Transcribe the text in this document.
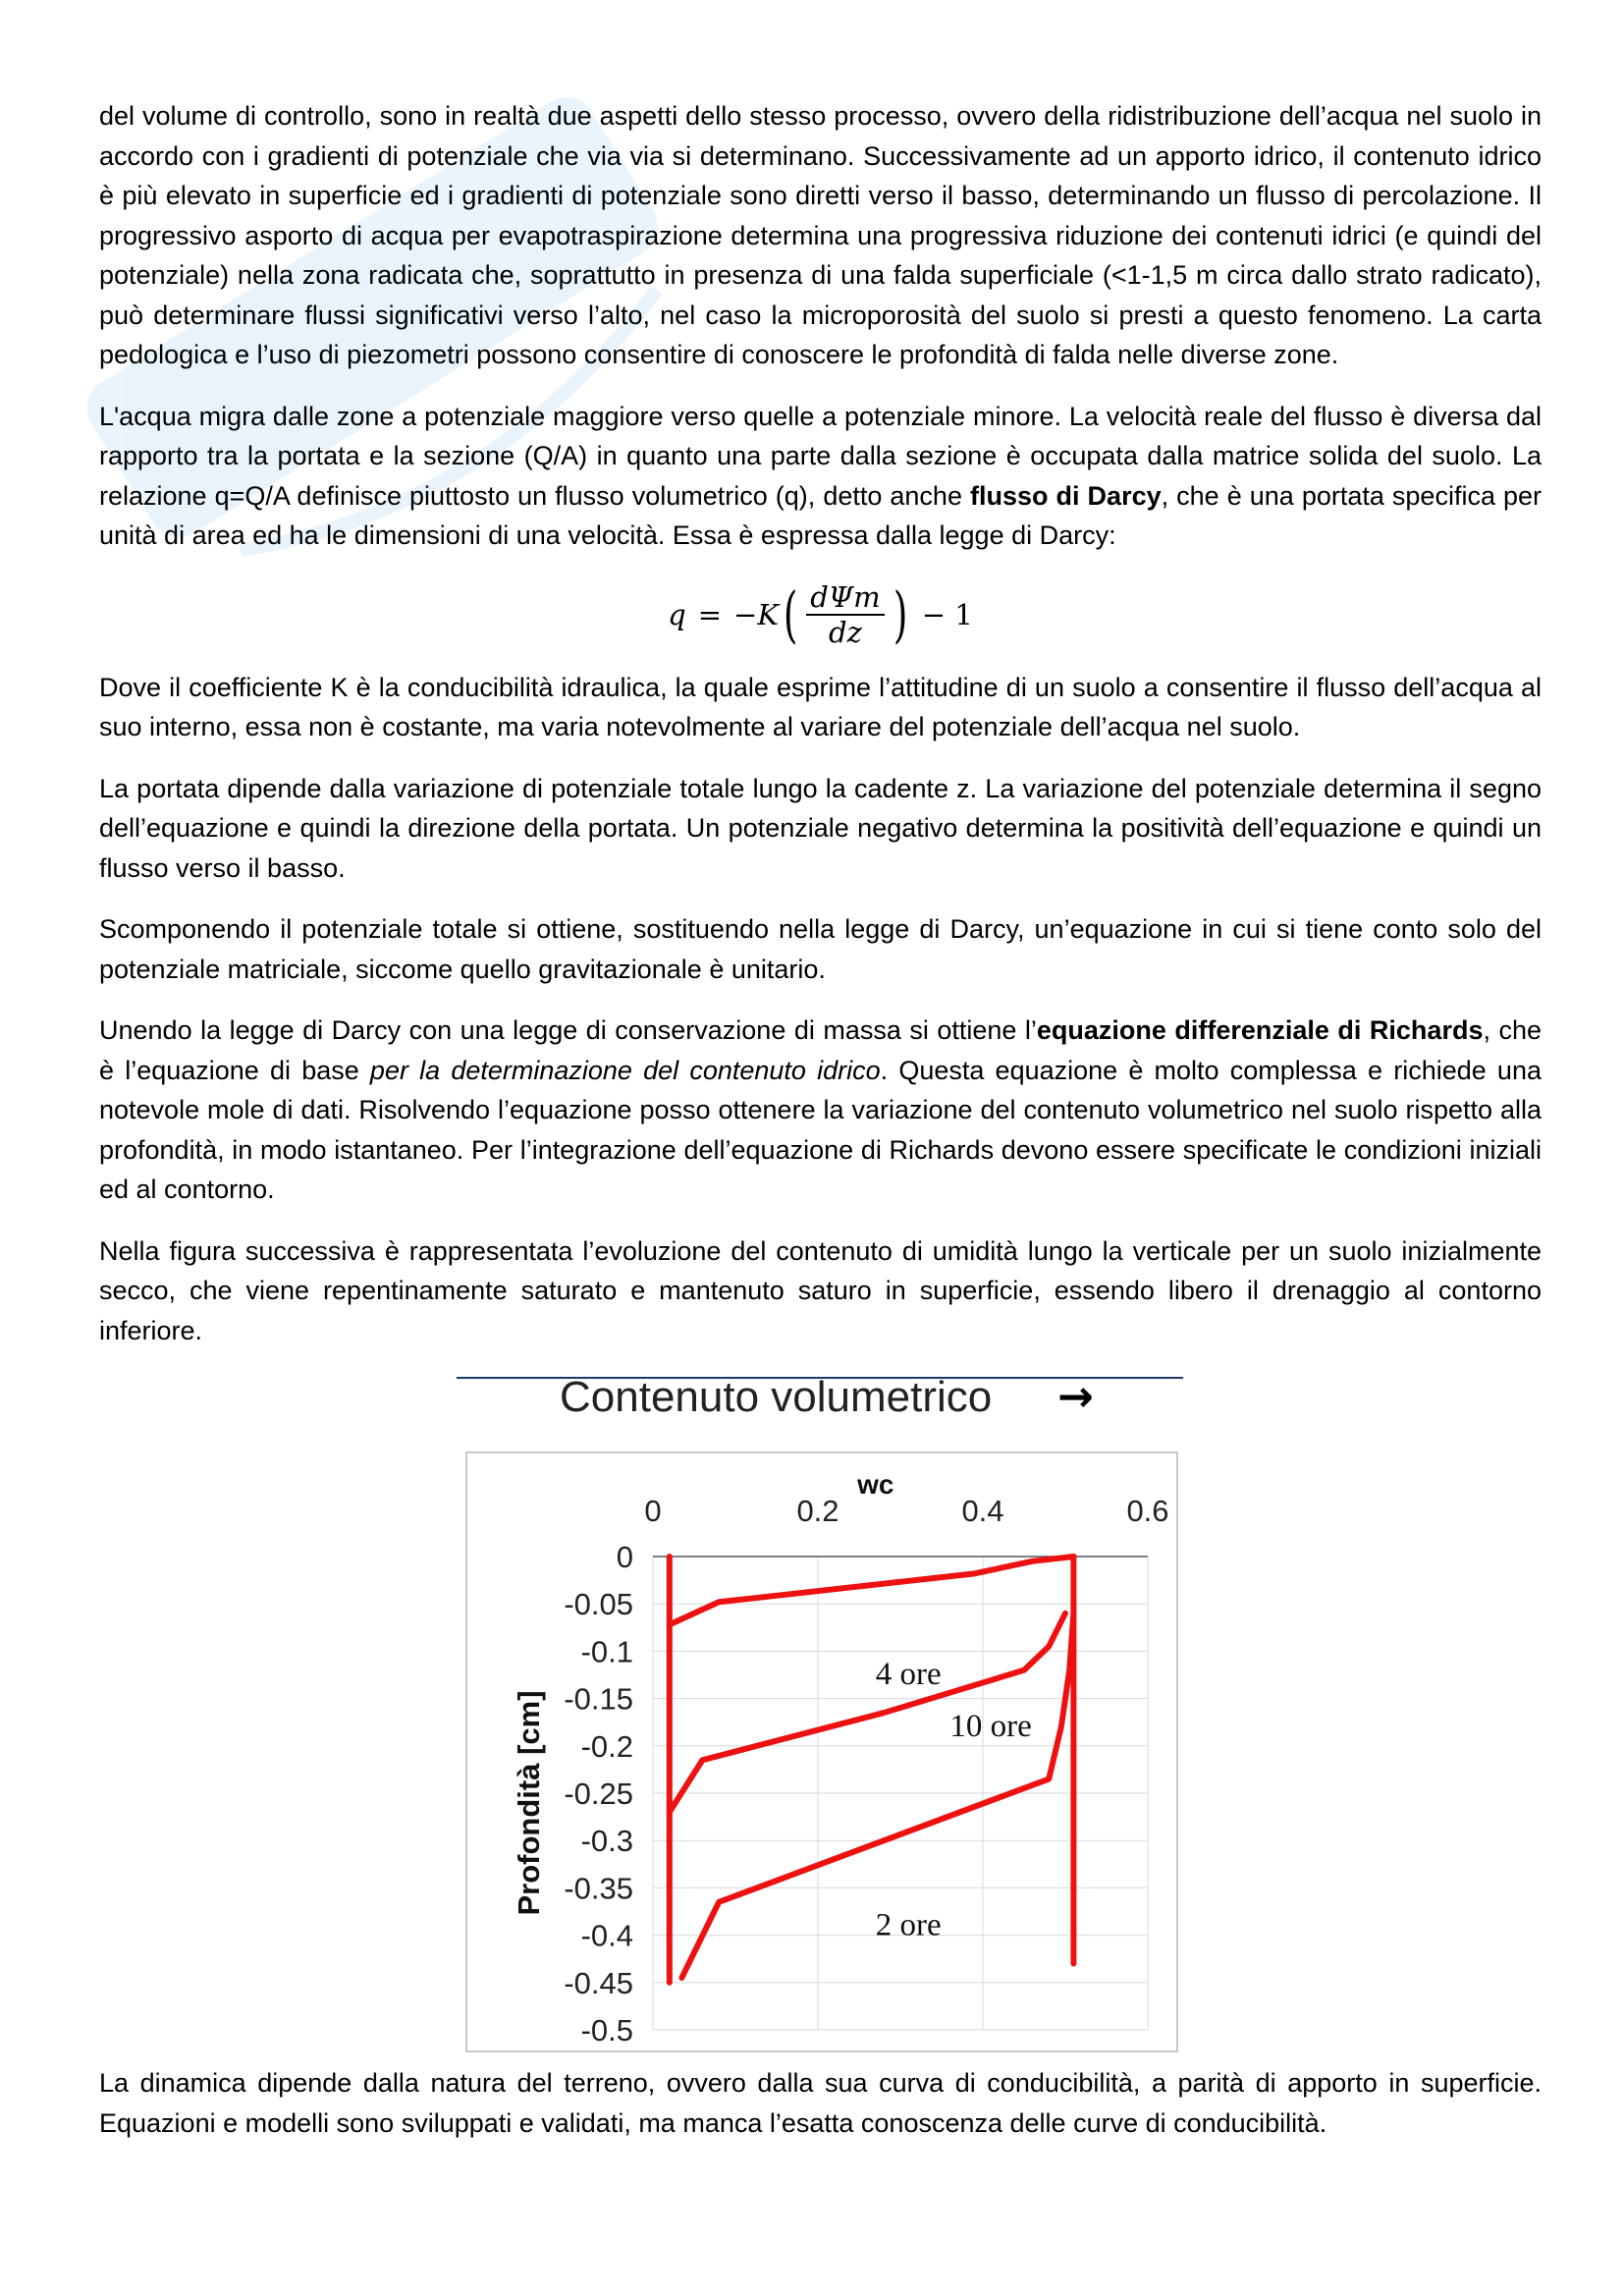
del volume di controllo, sono in realtà due aspetti dello stesso processo, ovvero della ridistribuzione dell’acqua nel suolo in accordo con i gradienti di potenziale che via via si determinano. Successivamente ad un apporto idrico, il contenuto idrico è più elevato in superficie ed i gradienti di potenziale sono diretti verso il basso, determinando un flusso di percolazione. Il progressivo asporto di acqua per evapotraspirazione determina una progressiva riduzione dei contenuti idrici (e quindi del potenziale) nella zona radicata che, soprattutto in presenza di una falda superficiale (<1-1,5 m circa dallo strato radicato), può determinare flussi significativi verso l’alto, nel caso la microporosità del suolo si presti a questo fenomeno. La carta pedologica e l’uso di piezometri possono consentire di conoscere le profondità di falda nelle diverse zone.

L'acqua migra dalle zone a potenziale maggiore verso quelle a potenziale minore. La velocità reale del flusso è diversa dal rapporto tra la portata e la sezione (Q/A) in quanto una parte dalla sezione è occupata dalla matrice solida del suolo. La relazione q=Q/A definisce piuttosto un flusso volumetrico (q), detto anche flusso di Darcy, che è una portata specifica per unità di area ed ha le dimensioni di una velocità. Essa è espressa dalla legge di Darcy:

q = −K ( $\frac{\text{dΨm}}{dz}$ ) − 1

Dove il coefficiente K è la conducibilità idraulica, la quale esprime l’attitudine di un suolo a consentire il flusso dell’acqua al suo interno, essa non è costante, ma varia notevolmente al variare del potenziale dell’acqua nel suolo.

La portata dipende dalla variazione di potenziale totale lungo la cadente z. La variazione del potenziale determina il segno dell’equazione e quindi la direzione della portata. Un potenziale negativo determina la positività dell’equazione e quindi un flusso verso il basso.

Scomponendo il potenziale totale si ottiene, sostituendo nella legge di Darcy, un’equazione in cui si tiene conto solo del potenziale matriciale, siccome quello gravitazionale è unitario.

Unendo la legge di Darcy con una legge di conservazione di massa si ottiene l’equazione differenziale di Richards, che è l’equazione di base per la determinazione del contenuto idrico. Questa equazione è molto complessa e richiede una notevole mole di dati. Risolvendo l’equazione posso ottenere la variazione del contenuto volumetrico nel suolo rispetto alla profondità, in modo istantaneo. Per l’integrazione dell’equazione di Richards devono essere specificate le condizioni iniziali ed al contorno.

Nella figura successiva è rappresentata l’evoluzione del contenuto di umidità lungo la verticale per un suolo inizialmente secco, che viene repentinamente saturato e mantenuto saturo in superficie, essendo libero il drenaggio al contorno inferiore.

Contenuto volumetrico →
0	0.2	0.4	0.6
0
-0.05
-0.1
-0.15
-0.2
-0.25
-0.3
-0.35
-0.4
-0.45
-0.5
wc
Profondità [cm]
4 ore
10 ore
2 ore

La dinamica dipende dalla natura del terreno, ovvero dalla sua curva di conducibilità, a parità di apporto in superficie. Equazioni e modelli sono sviluppati e validati, ma manca l’esatta conoscenza delle curve di conducibilità.
